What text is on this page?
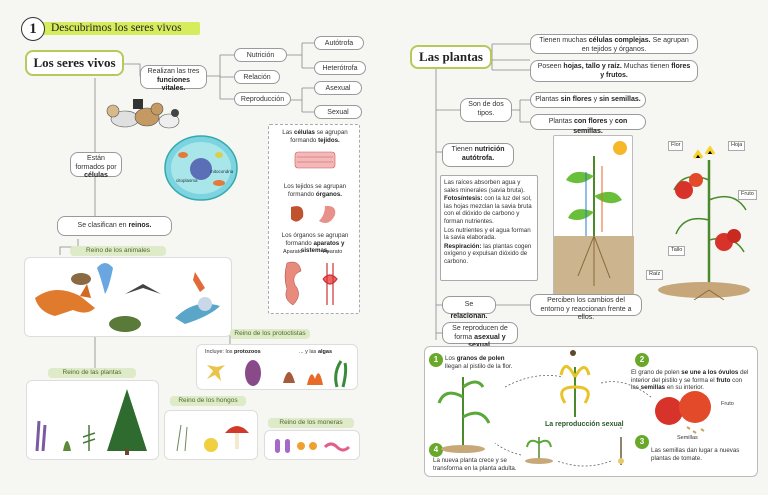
1	Descubrimos los seres vivos
Los seres vivos
Realizan las tres funciones vitales.
Nutrición
Relación
Reproducción
Autótrofa
Heterótrofa
Asexual
Sexual
citoplasma
mitocondria
Están formados por células
Las células se agrupan formando tejidos.
Los tejidos se agrupan formando órganos.
Los órganos se agrupan formando aparatos y sistemas.
Aparato	Aparato
Se clasifican en reinos.
Reino de los animales
Reino de los protoctistas
Incluye: los protozoos	... y las algas
Reino de las plantas
Reino de los hongos
Reino de los moneras
Las plantas
Tienen muchas células complejas. Se agrupan en tejidos y órganos.
Poseen hojas, tallo y raíz. Muchas tienen flores y frutos.
Son de dos tipos.
Plantas sin flores y sin semillas.
Plantas con flores y con semillas.
Tienen nutrición autótrofa.
Las raíces absorben agua y sales minerales (savia bruta).
Fotosíntesis: con la luz del sol, las hojas mezclan la savia bruta con el dióxido de carbono y forman nutrientes.
Los nutrientes y el agua forman la savia elaborada.
Respiración: las plantas cogen oxígeno y expulsan dióxido de carbono.
Flor	Hoja
Fruto
Tallo
Raíz
Se relacionan.
Perciben los cambios del entorno y reaccionan frente a ellos.
Se reproducen de forma asexual y
1	Los granos de polen llegan al pistilo de la flor.
2
El grano de polen se une a los óvulos del interior del pistilo y se forma el fruto con las semillas en su interior.
3
Las semillas dan lugar a nuevas plantas de tomate.
4
La nueva planta crece y se transforma en la planta adulta.
La reproducción sexual
Fruto
Semillas
